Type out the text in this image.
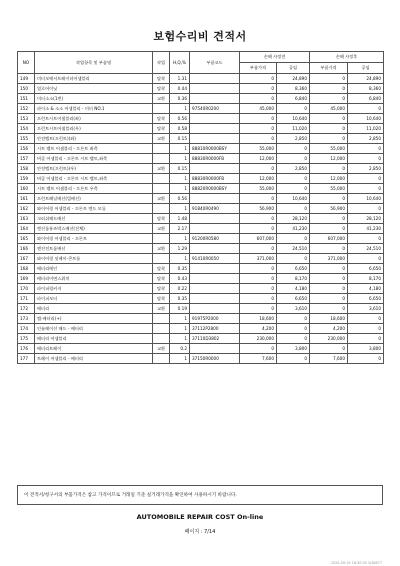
보험수리비 견적서
NO	작업항목 및 부품명	작업	H,Q,%	부품코드	손해 사정전		손해 사정후	
					부품가격	공임	부품가격	공임
149	미터모에서트레이터어셈블리	탈착	1.31		0	24,890	0	24,890
150	열로어이닛	탈착	0.44		0	8,360	0	8,360
151	미터소소(1번)	교환	0.36		0	6,840	0	6,840
152	파이소 & 소소 어셈블리 - 미터 NO.1		1	97540R0200	45,000	0	45,000	0
153	프런트시트어셈블리(좌)	탈착	0.56		0	10,640	0	10,640
154	프런트시트어셈블리(우)	탈착	0.58		0	11,020	0	11,020
155	안전벨트(프런트)(좌)	교환	0.15		0	2,850	0	2,850
156	시트 벨트 어셈블리 - 프론트 좌측		1	88810R0000BSY	55,000	0	55,000	0
157	버클 어셈블리 - 프론트 시트 벨트,좌측		1	88830R0000FB	12,000	0	12,000	0
158	안전벨트(프런트)(우)	교환	0.15		0	2,850	0	2,850
159	버클 어셈블리 - 프론트 시트 벨트,좌측		1	88830R0000FB	12,000	0	12,000	0
160	시트 벨트 어셈블리 - 프론트 우측		1	88820R0000BSY	55,000	0	55,000	0
161	프런트패널배선(빌배선)	교환	0.56		0	10,640	0	10,640
162	와이어링 어셈블리 - 프론트 엔드 모듈		1	91840R0490	56,900	0	56,900	0
163	크러쉬패드배선	탈착	1.48		0	28,120	0	28,120
164	엔진룸유즈박스배선(전체)	교환	2.17		0	41,230	0	41,230
165	와이어링 어셈블리 - 프론트		1	91200R0580	607,000	0	607,000	0
166	엔진전트룸배선	교환	1.29		0	24,510	0	24,510
167	와이어링 잇베이-콘트롤		1	91410R0050	371,000	0	371,000	0
168	배터리메인	탈착	0.35		0	6,650	0	6,650
169	배터리이면스위치	탈착	0.43		0	8,170	0	8,170
170	파이퍼링커지	탈착	0.22		0	4,180	0	4,180
171	파이퍼모터	탈착	0.35		0	6,650	0	6,650
172	배터리	교환	0.19		0	3,610	0	3,610
173	캡-배터리(+)		1	91975P2000	18,600	0	18,600	0
174	인슐레이션 패드 - 배터리		1	37112P2800	4,200	0	4,200	0
175	배터리 어셈블리		1	37110D3802	230,000	0	230,000	0
176	배터리트레이	교환	0.2		0	3,800	0	3,800
177	트레이 어셈블리 - 배터리		1	37150R0000	7,600	0	7,600	0
이 견적서/청구서의 부품가격은 참고 가격이므로 거래일 기준 실거래가격을 확인하여 사용하시기 바랍니다.
AUTOMOBILE REPAIR COST On-line
페이지 : 7/14
2024-09-19 16:30:30 3/38877
